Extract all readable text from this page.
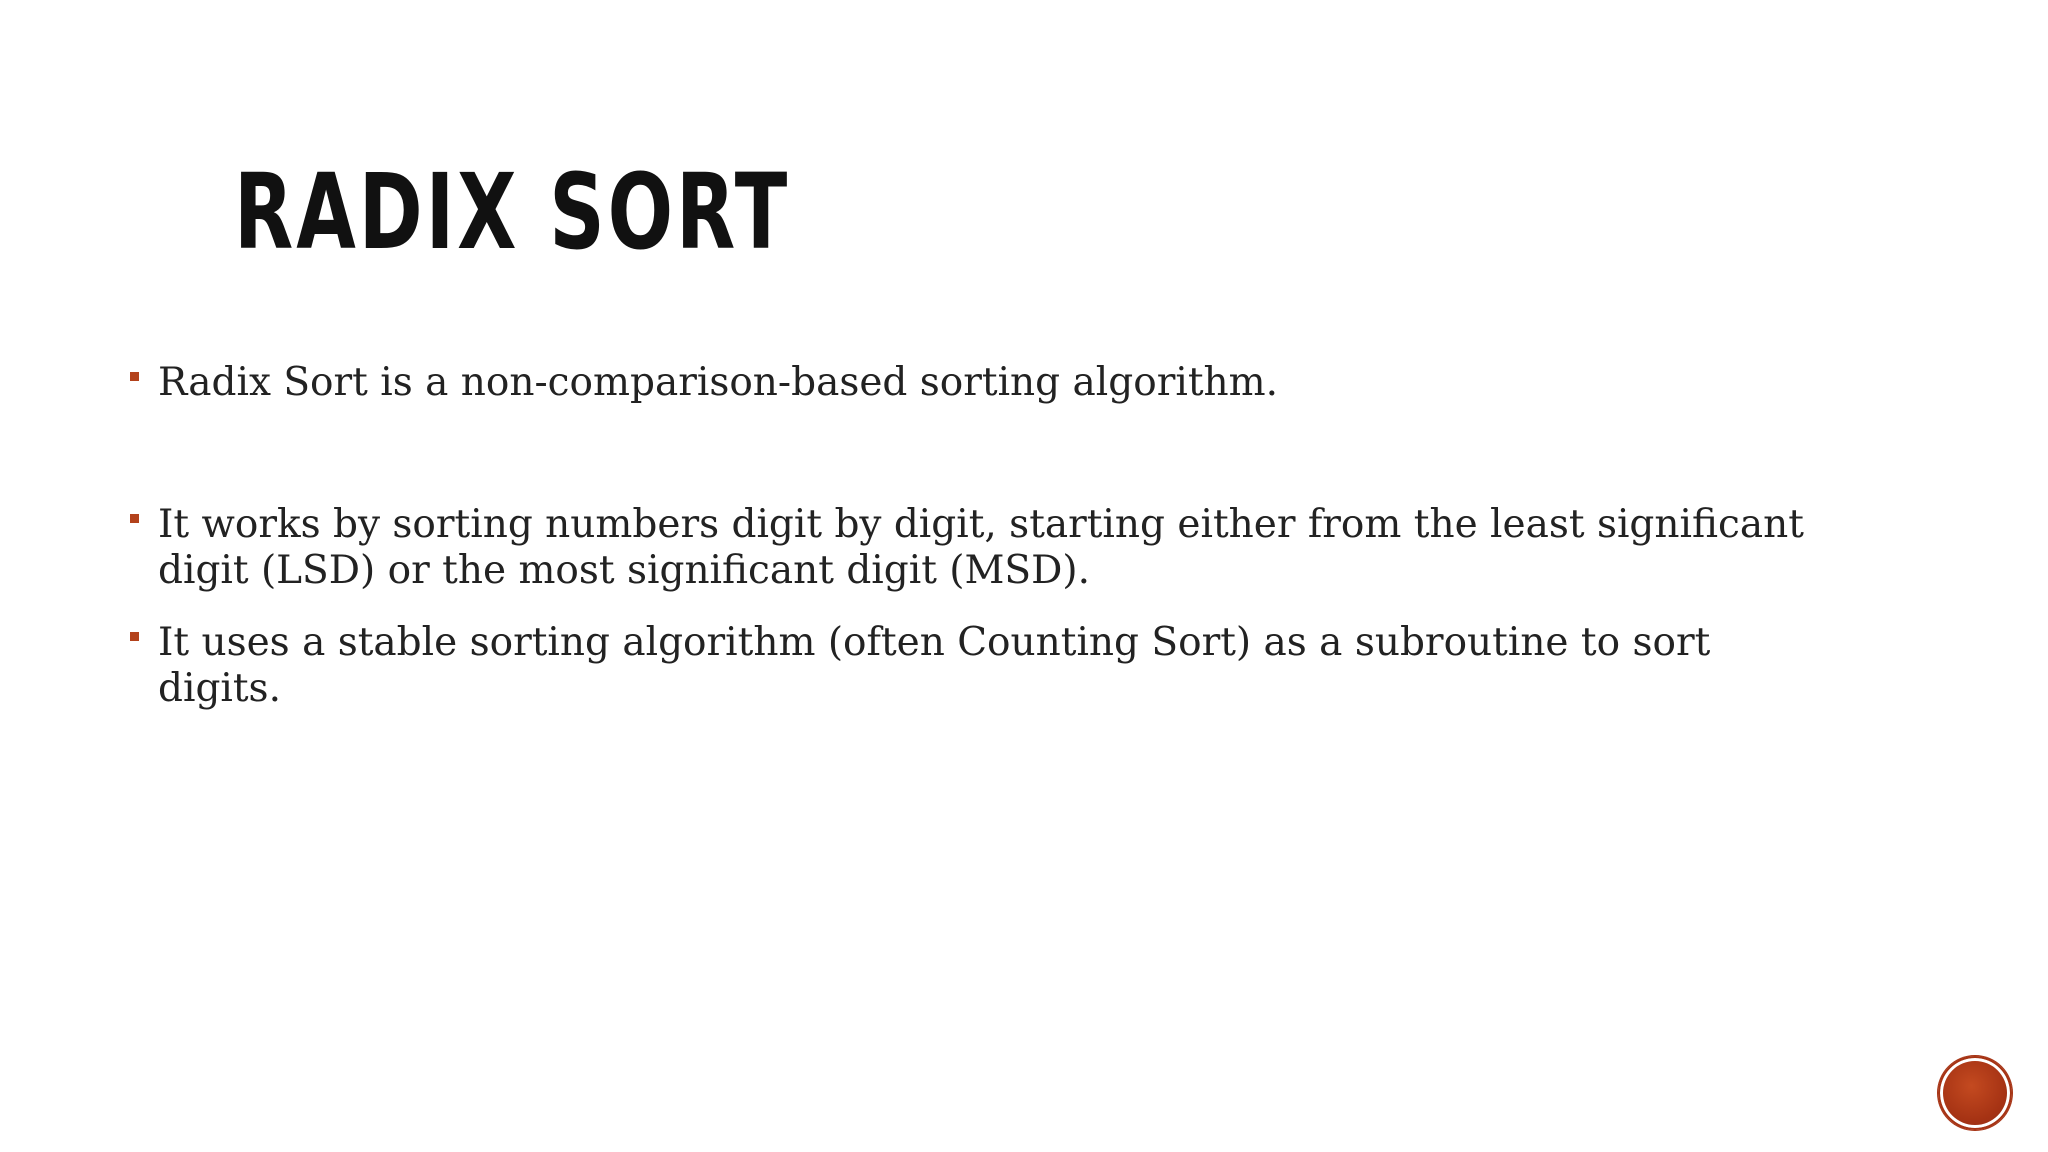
RADIX SORT
Radix Sort is a non-comparison-based sorting algorithm.
It works by sorting numbers digit by digit, starting either from the least significant digit (LSD) or the most significant digit (MSD).
It uses a stable sorting algorithm (often Counting Sort) as a subroutine to sort digits.
